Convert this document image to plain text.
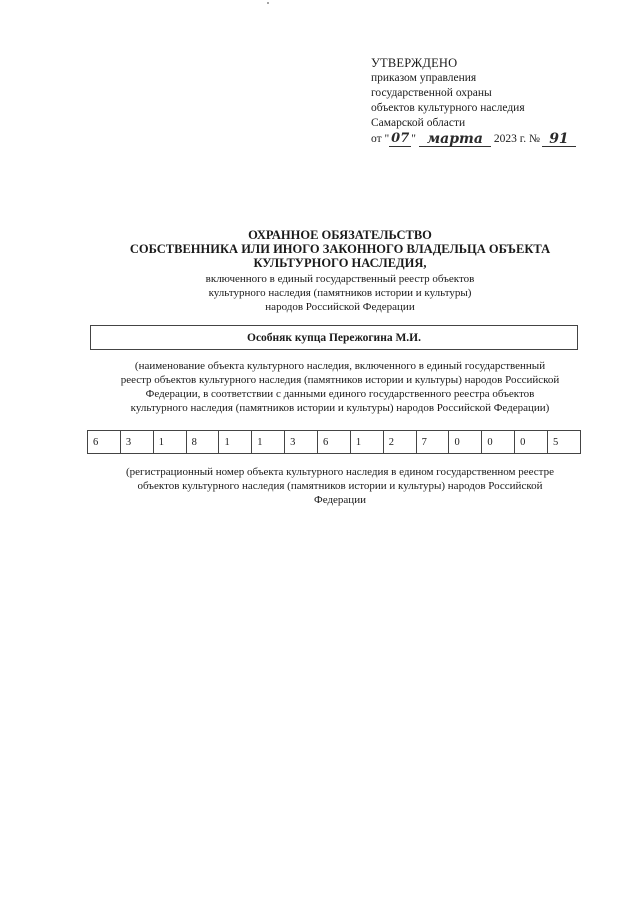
УТВЕРЖДЕНО
приказом управления
государственной охраны
объектов культурного наследия
Самарской области
от " 07 " марта 2023 г. № 91
ОХРАННОЕ ОБЯЗАТЕЛЬСТВО
СОБСТВЕННИКА ИЛИ ИНОГО ЗАКОННОГО ВЛАДЕЛЬЦА ОБЪЕКТА
КУЛЬТУРНОГО НАСЛЕДИЯ,
включенного в единый государственный реестр объектов
культурного наследия (памятников истории и культуры)
народов Российской Федерации
Особняк купца Пережогина М.И.
(наименование объекта культурного наследия, включенного в единый государственный
реестр объектов культурного наследия (памятников истории и культуры) народов Российской
Федерации, в соответствии с данными единого государственного реестра объектов
культурного наследия (памятников истории и культуры) народов Российской Федерации)
6	3	1	8	1	1	3	6	1	2	7	0	0	0	5
(регистрационный номер объекта культурного наследия в едином государственном реестре
объектов культурного наследия (памятников истории и культуры) народов Российской
Федерации
